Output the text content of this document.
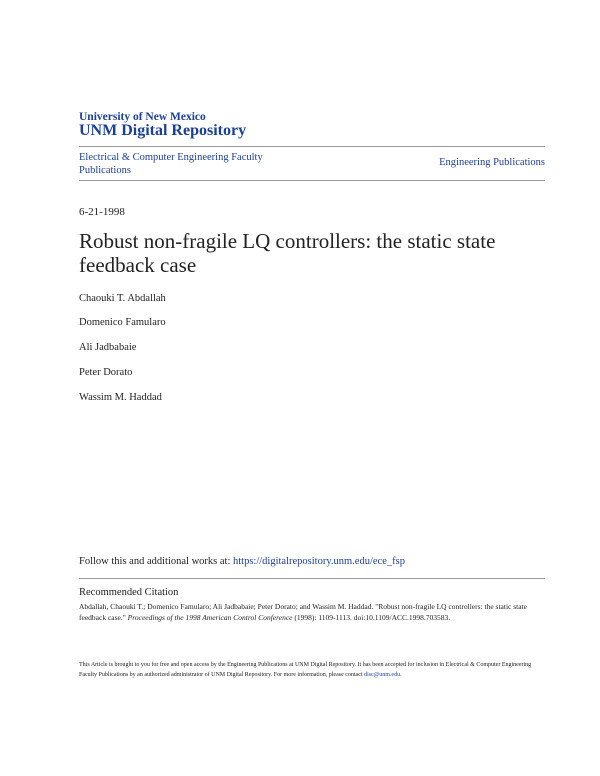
University of New Mexico
UNM Digital Repository
Electrical & Computer Engineering Faculty Publications
Engineering Publications
6-21-1998
Robust non-fragile LQ controllers: the static state feedback case
Chaouki T. Abdallah
Domenico Famularo
Ali Jadbabaie
Peter Dorato
Wassim M. Haddad
Follow this and additional works at: https://digitalrepository.unm.edu/ece_fsp
Recommended Citation
Abdallah, Chaouki T.; Domenico Famularo; Ali Jadbabaie; Peter Dorato; and Wassim M. Haddad. "Robust non-fragile LQ controllers: the static state feedback case." Proceedings of the 1998 American Control Conference (1998): 1109-1113. doi:10.1109/ACC.1998.703583.
This Article is brought to you for free and open access by the Engineering Publications at UNM Digital Repository. It has been accepted for inclusion in Electrical & Computer Engineering Faculty Publications by an authorized administrator of UNM Digital Repository. For more information, please contact disc@unm.edu.
